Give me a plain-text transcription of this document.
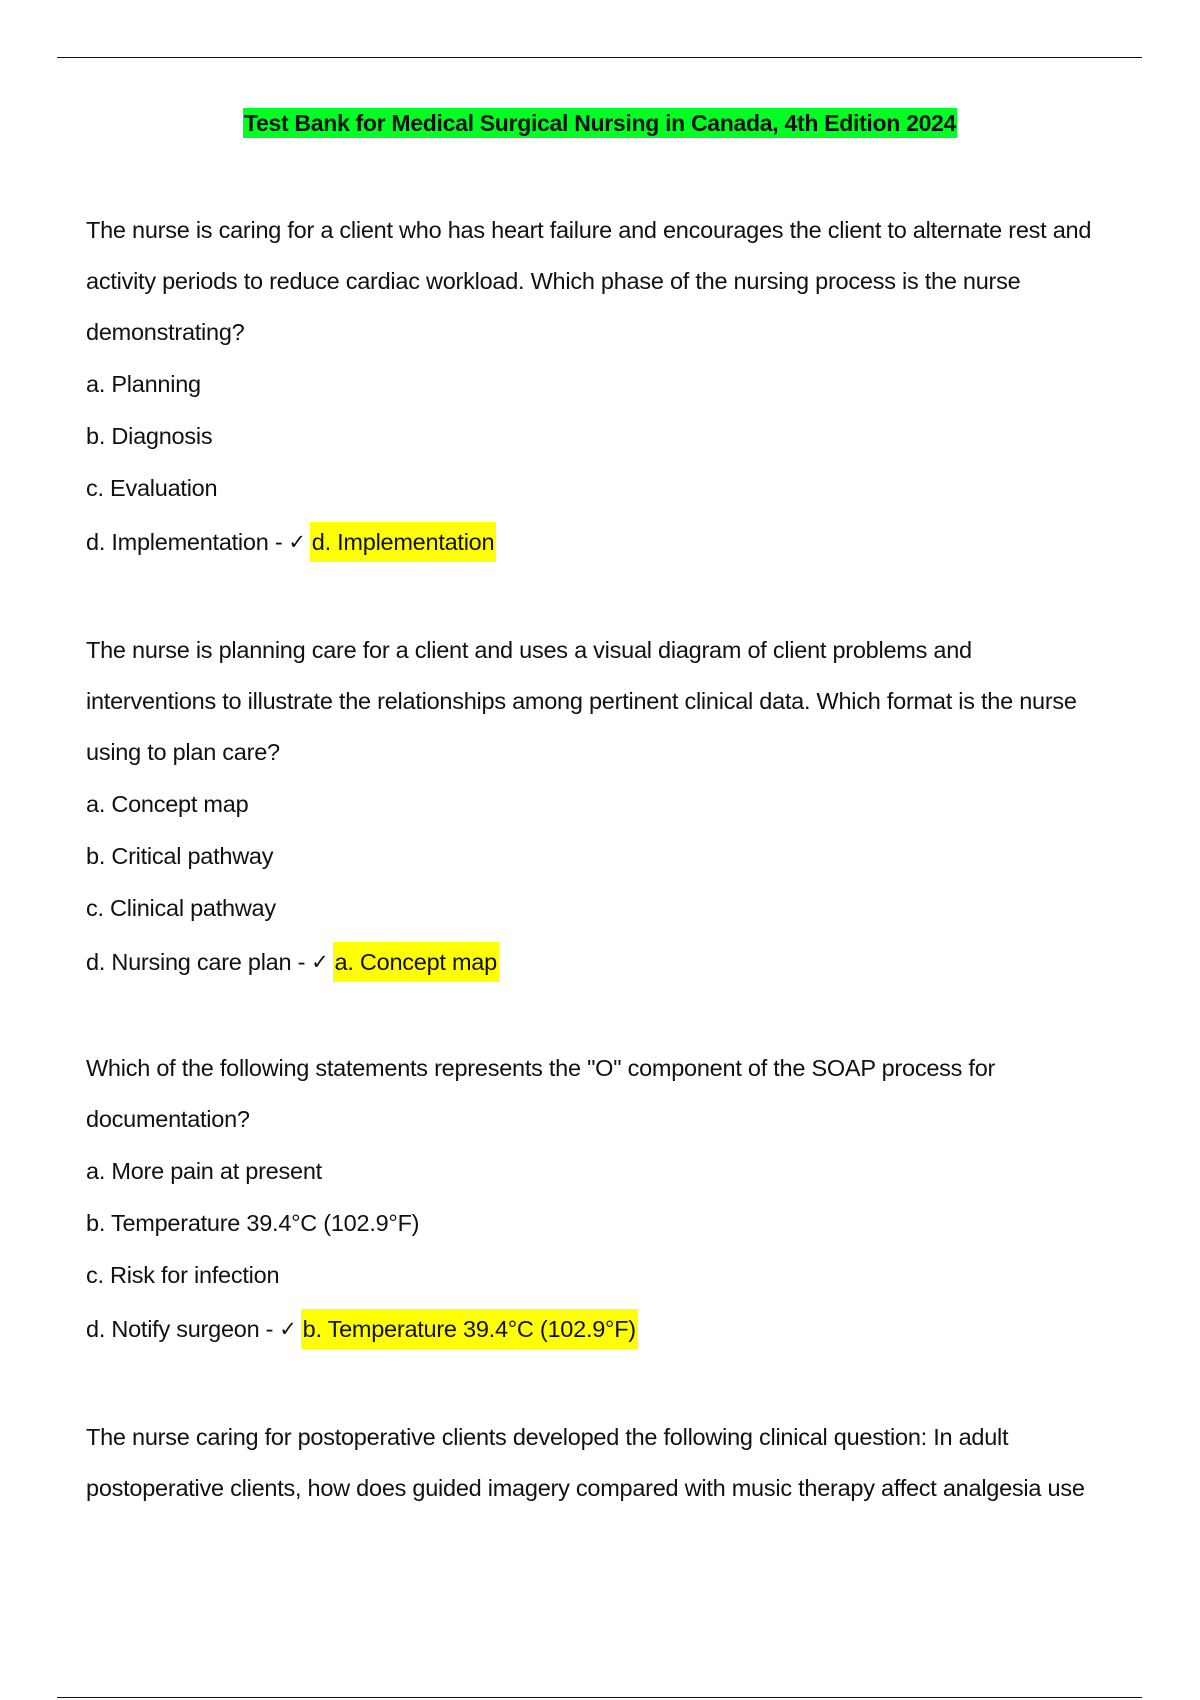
Test Bank for Medical Surgical Nursing in Canada, 4th Edition 2024

The nurse is caring for a client who has heart failure and encourages the client to alternate rest and

activity periods to reduce cardiac workload. Which phase of the nursing process is the nurse

demonstrating?

a. Planning
b. Diagnosis
c. Evaluation
d. Implementation - ✓ d. Implementation

The nurse is planning care for a client and uses a visual diagram of client problems and

interventions to illustrate the relationships among pertinent clinical data. Which format is the nurse

using to plan care?

a. Concept map
b. Critical pathway
c. Clinical pathway
d. Nursing care plan - ✓ a. Concept map

Which of the following statements represents the "O" component of the SOAP process for

documentation?

a. More pain at present
b. Temperature 39.4°C (102.9°F)
c. Risk for infection
d. Notify surgeon - ✓ b. Temperature 39.4°C (102.9°F)

The nurse caring for postoperative clients developed the following clinical question: In adult

postoperative clients, how does guided imagery compared with music therapy affect analgesia use
